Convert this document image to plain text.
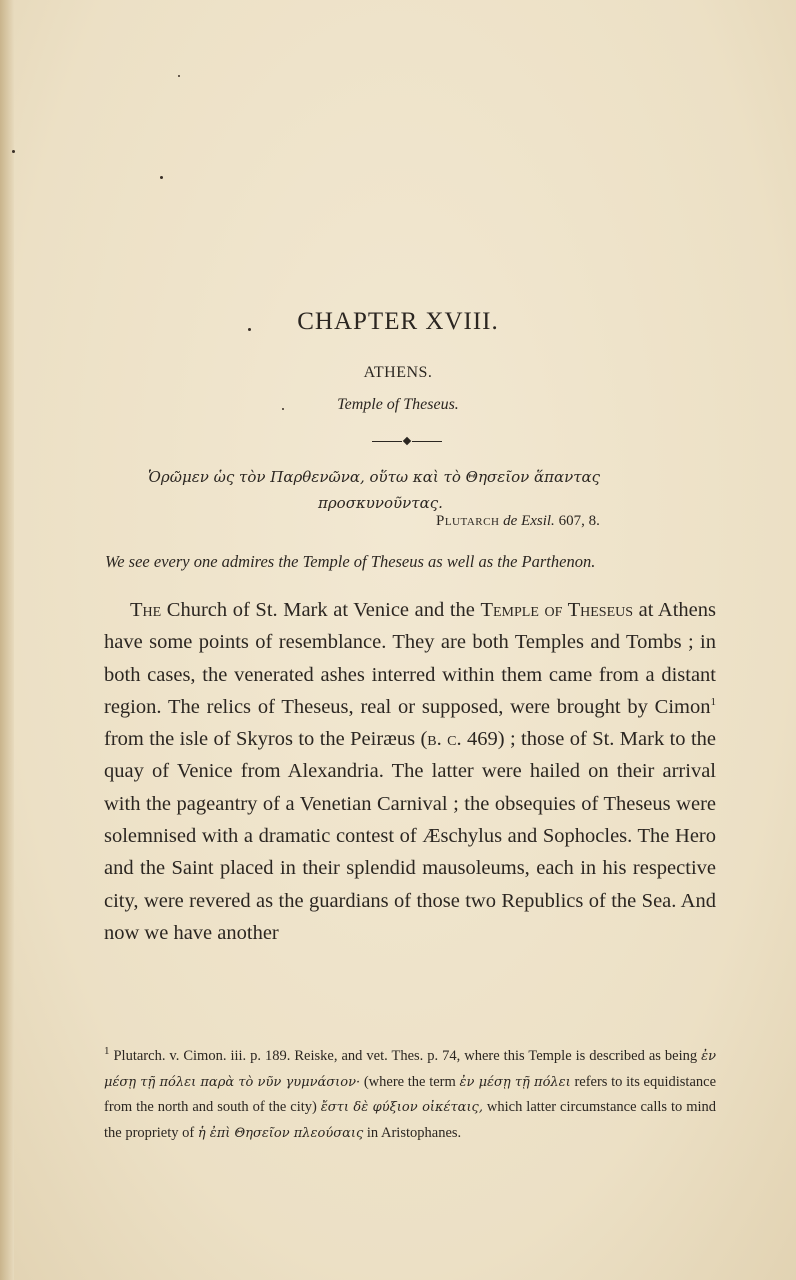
CHAPTER XVIII.
ATHENS.
Temple of Theseus.
Ὁρῶμεν ὡς τὸν Παρθενῶνα, οὕτω καὶ τὸ Θησεῖον ἅπαντας
προσκυνοῦντας.
Plutarch de Exsil. 607, 8.
We see every one admires the Temple of Theseus as well as the Parthenon.

The Church of St. Mark at Venice and the Temple of Theseus at Athens have some points of resemblance. They are both Temples and Tombs ; in both cases, the venerated ashes interred within them came from a distant region. The relics of Theseus, real or supposed, were brought by Cimon$^1$ from the isle of Skyros to the Peiræus (b. c. 469) ; those of St. Mark to the quay of Venice from Alexandria. The latter were hailed on their arrival with the pageantry of a Venetian Carnival ; the obsequies of Theseus were solemnised with a dramatic contest of Æschylus and Sophocles. The Hero and the Saint placed in their splendid mausoleums, each in his respective city, were revered as the guardians of those two Republics of the Sea. And now we have another

$^1$ Plutarch. v. Cimon. iii. p. 189. Reiske, and vet. Thes. p. 74, where this Temple is described as being ἐν μέσῃ τῇ πόλει παρὰ τὸ νῦν γυμνάσιον· (where the term ἐν μέσῃ τῇ πόλει refers to its equidistance from the north and south of the city) ἔστι δὲ φύξιον οἰκέταις, which latter circumstance calls to mind the propriety of ἡ ἐπὶ Θησεῖον πλεούσαις in Aristophanes.
